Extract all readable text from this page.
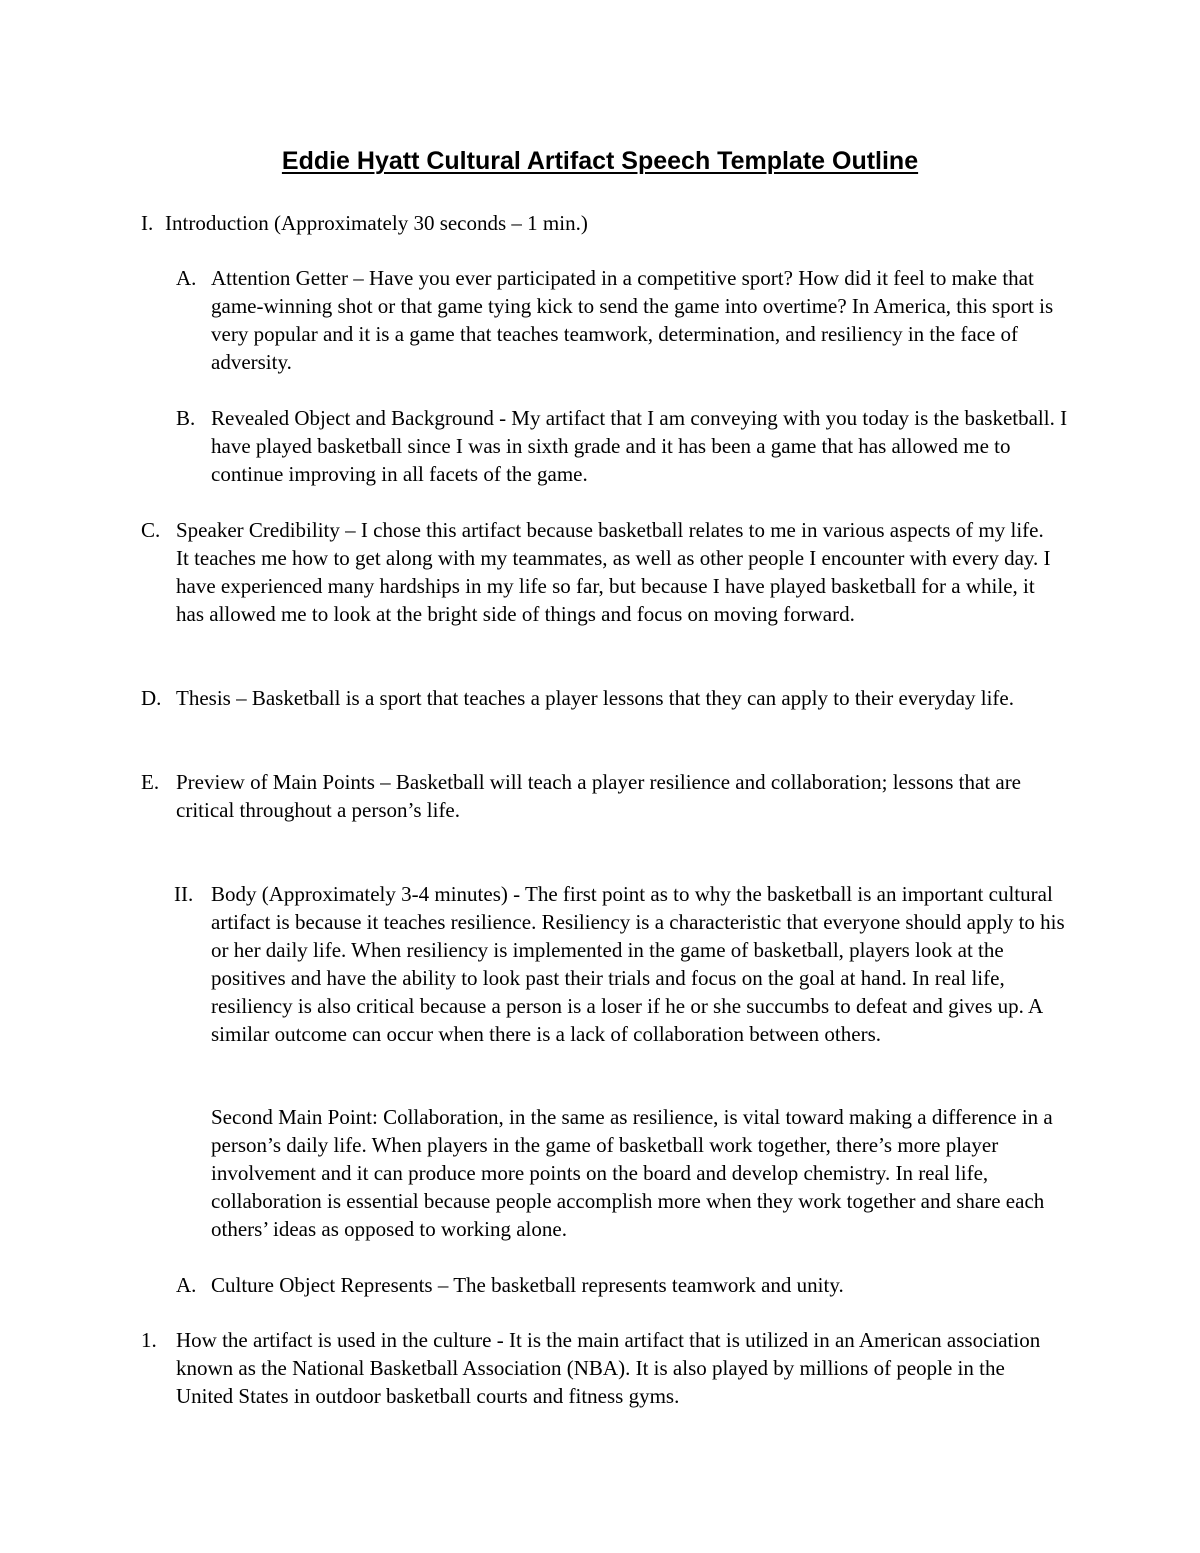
Eddie Hyatt Cultural Artifact Speech Template Outline
I. Introduction (Approximately 30 seconds – 1 min.)
A. Attention Getter – Have you ever participated in a competitive sport? How did it feel to make that game-winning shot or that game tying kick to send the game into overtime? In America, this sport is very popular and it is a game that teaches teamwork, determination, and resiliency in the face of adversity.
B. Revealed Object and Background - My artifact that I am conveying with you today is the basketball. I have played basketball since I was in sixth grade and it has been a game that has allowed me to continue improving in all facets of the game.
C. Speaker Credibility – I chose this artifact because basketball relates to me in various aspects of my life. It teaches me how to get along with my teammates, as well as other people I encounter with every day. I have experienced many hardships in my life so far, but because I have played basketball for a while, it has allowed me to look at the bright side of things and focus on moving forward.
D. Thesis – Basketball is a sport that teaches a player lessons that they can apply to their everyday life.
E. Preview of Main Points – Basketball will teach a player resilience and collaboration; lessons that are critical throughout a person’s life.
II. Body (Approximately 3-4 minutes) - The first point as to why the basketball is an important cultural artifact is because it teaches resilience. Resiliency is a characteristic that everyone should apply to his or her daily life. When resiliency is implemented in the game of basketball, players look at the positives and have the ability to look past their trials and focus on the goal at hand. In real life, resiliency is also critical because a person is a loser if he or she succumbs to defeat and gives up. A similar outcome can occur when there is a lack of collaboration between others.
Second Main Point: Collaboration, in the same as resilience, is vital toward making a difference in a person’s daily life. When players in the game of basketball work together, there’s more player involvement and it can produce more points on the board and develop chemistry. In real life, collaboration is essential because people accomplish more when they work together and share each others’ ideas as opposed to working alone.
A. Culture Object Represents – The basketball represents teamwork and unity.
1. How the artifact is used in the culture - It is the main artifact that is utilized in an American association known as the National Basketball Association (NBA). It is also played by millions of people in the United States in outdoor basketball courts and fitness gyms.
